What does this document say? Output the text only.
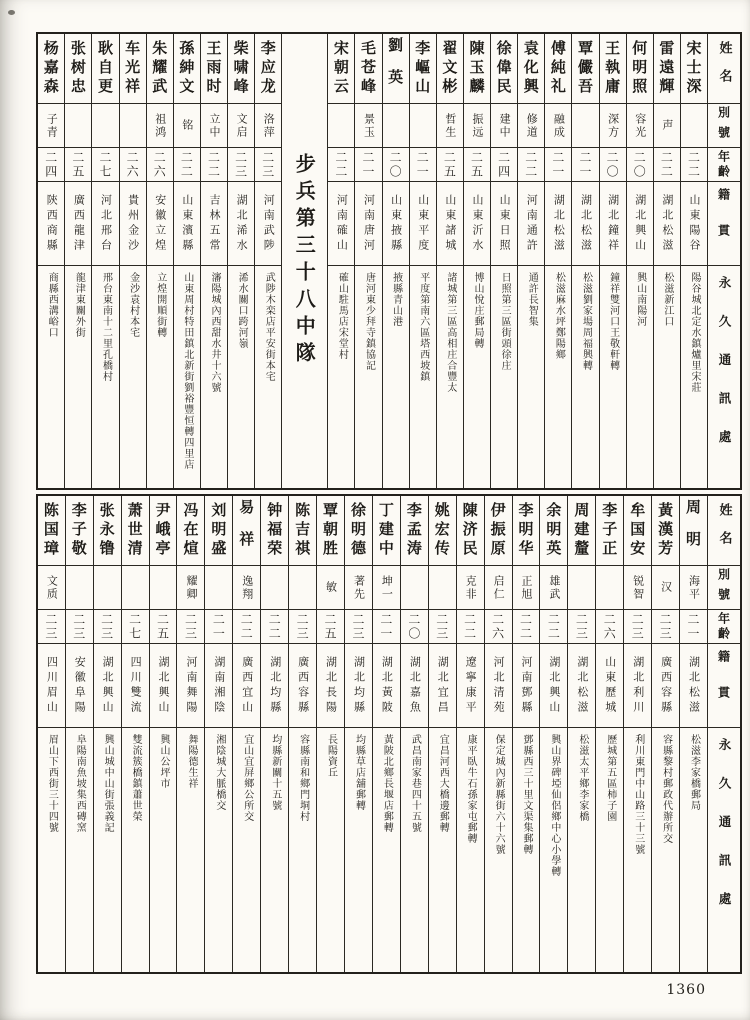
姓名
別號
年齡
籍貫
永久通訊處
宋士深
二二
山東陽谷
陽谷城北定水鎮爐里宋莊
雷遠輝
声
二二
湖北松滋
松滋新江口
何明照
容光
二〇
湖北興山
興山南陽河
王執庸
深方
二〇
湖北鐘祥
鐘祥雙河口王敬軒轉
覃儼吾
二一
湖北松滋
松滋劉家場周福興轉
傅純礼
融成
二一
湖北松滋
松滋麻水坪鄭陽鄉
袁化興
修道
二二
河南通許
通許長智集
徐偉民
建中
二四
山東日照
日照第三區街頭徐庄
陳玉麟
振远
二五
山東沂水
博山悅庄郵局轉
翟文彬
哲生
二五
山東諸城
諸城第三區高相庄合豐太
李嶇山
二一
山東平度
平度第南六區塔西坡鎮
劉英
二〇
山東掖縣
掖縣青山港
毛苍峰
景玉
二一
河南唐河
唐河東少拜寺鎮協記
宋朝云
二二
河南確山
確山駐馬店宋堂村
步兵第三十八中隊
李应龙
洛萍
二三
河南武陟
武陟木栾店平安街本宅
柴啸峰
文启
二三
湖北浠水
浠水關口跨河嶺
王雨时
立中
二二
吉林五常
瀋陽城內西甜水井十六號
孫紳文
铭
二二
山東濱縣
山東周村特田鎮北新街劉裕豐恒轉四里店
朱耀武
祖鸿
二六
安徽立煌
立煌開順街轉
车光祥
二六
貴州金沙
金沙袁村本宅
耿自更
二七
河北邢台
邢台東南十二里孔橋村
张树忠
二五
廣西龍津
龍津東關外街
杨嘉森
子青
二四
陝西商縣
商縣西溝峪口
姓名
別號
年齡
籍貫
永久通訊處
周明
海平
二一
湖北松滋
松滋李家橋郵局
黃漢芳
汉
二三
廣西容縣
容縣黎村郵政代辦所交
牟国安
锐智
二三
湖北利川
利川東門中山路三十三號
李子正
二六
山東歷城
歷城第五區柿子園
周建釐
二三
湖北松滋
松滋太平鄉李家橋
余明英
雄武
二二
湖北興山
興山界碑埡仙侶鄉中心小學轉
李明华
正旭
二二
河南鄧縣
鄧縣西三十里文渠集郵轉
伊振原
启仁
二六
河北清苑
保定城內新縣街六十六號
陳济民
克非
二二
遼寧康平
康平臥牛石孫家屯郵轉
姚宏传
二三
湖北宜昌
宜昌河西大橋邊郵轉
李孟涛
二〇
湖北嘉魚
武昌南家巷四十五號
丁建中
坤一
二一
湖北黃陂
黃陂北鄉長堰店郵轉
徐明德
著先
二三
湖北均縣
均縣草店舖郵轉
覃朝胜
敏
二五
湖北長陽
長陽資丘
陈吉祺
二三
廣西容縣
容縣南和鄉門垌村
钟福荣
二二
湖北均縣
均縣新關十五號
易祥
逸翔
二二
廣西宜山
宜山宜屏鄉公所交
刘明盛
二一
湖南湘陰
湘陰城大脈橋交
冯在煊
耀卿
二三
河南舞陽
舞陽德生祥
尹峨亭
二五
湖北興山
興山公坪市
萧世清
二七
四川雙流
雙流簇橋鎮蕭世榮
张永镥
二三
湖北興山
興山城中山街張義記
李子敬
二三
安徽阜陽
阜陽南魚坡集西磚窯
陈国璋
文质
二三
四川眉山
眉山下西街三十四號
1360
